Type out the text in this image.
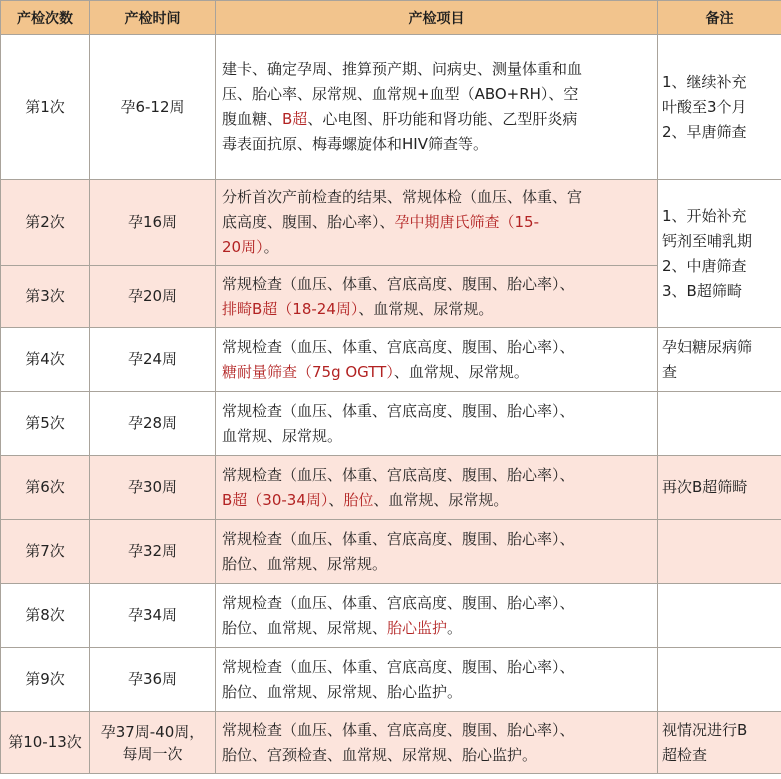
产检次数	产检时间	产检项目	备注
第1次	孕6-12周	建卡、确定孕周、推算预产期、问病史、测量体重和血
压、胎心率、尿常规、血常规+血型（ABO+RH）、空
腹血糖、B超、心电图、肝功能和肾功能、乙型肝炎病
毒表面抗原、梅毒螺旋体和HIV筛查等。	1、继续补充
叶酸至3个月
2、早唐筛查

第2次	孕16周	分析首次产前检查的结果、常规体检（血压、体重、宫
底高度、腹围、胎心率）、孕中期唐氏筛查（15-
20周）。	1、开始补充
钙剂至哺乳期
2、中唐筛查
3、B超筛畸

第3次	孕20周	常规检查（血压、体重、宫底高度、腹围、胎心率）、
排畸B超（18-24周）、血常规、尿常规。	

第4次	孕24周	常规检查（血压、体重、宫底高度、腹围、胎心率）、
糖耐量筛查（75g OGTT）、血常规、尿常规。	孕妇糖尿病筛
查

第5次	孕28周	常规检查（血压、体重、宫底高度、腹围、胎心率）、
血常规、尿常规。	

第6次	孕30周	常规检查（血压、体重、宫底高度、腹围、胎心率）、
B超（30-34周）、胎位、血常规、尿常规。	再次B超筛畸

第7次	孕32周	常规检查（血压、体重、宫底高度、腹围、胎心率）、
胎位、血常规、尿常规。	

第8次	孕34周	常规检查（血压、体重、宫底高度、腹围、胎心率）、
胎位、血常规、尿常规、胎心监护。	

第9次	孕36周	常规检查（血压、体重、宫底高度、腹围、胎心率）、
胎位、血常规、尿常规、胎心监护。	

第10-13次	孕37周-40周，
每周一次	常规检查（血压、体重、宫底高度、腹围、胎心率）、
胎位、宫颈检查、血常规、尿常规、胎心监护。	视情况进行B
超检查
